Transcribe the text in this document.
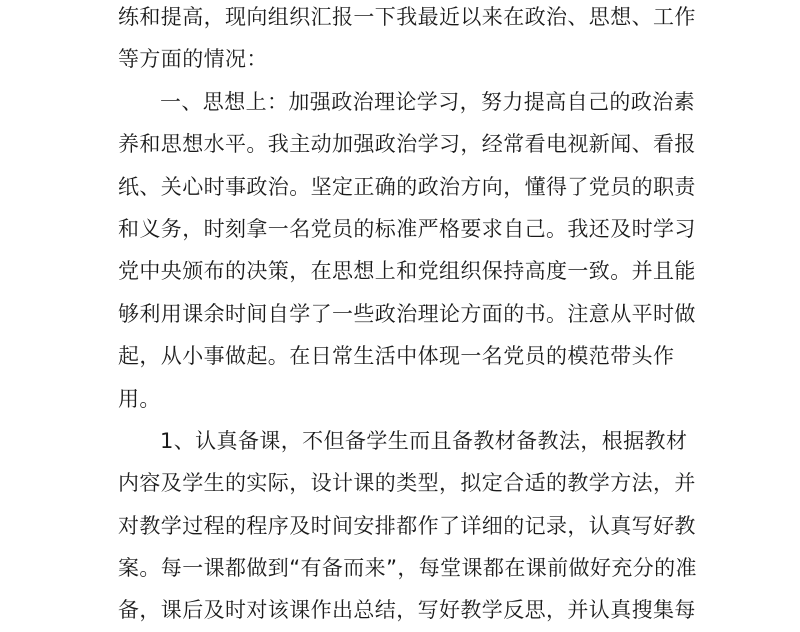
练和提高，现向组织汇报一下我最近以来在政治、思想、工作
等方面的情况：
一、思想上：加强政治理论学习，努力提高自己的政治素
养和思想水平。我主动加强政治学习，经常看电视新闻、看报
纸、关心时事政治。坚定正确的政治方向，懂得了党员的职责
和义务，时刻拿一名党员的标准严格要求自己。我还及时学习
党中央颁布的决策，在思想上和党组织保持高度一致。并且能
够利用课余时间自学了一些政治理论方面的书。注意从平时做
起，从小事做起。在日常生活中体现一名党员的模范带头作
用。
1、认真备课，不但备学生而且备教材备教法，根据教材
内容及学生的实际，设计课的类型，拟定合适的教学方法，并
对教学过程的程序及时间安排都作了详细的记录，认真写好教
案。每一课都做到“有备而来”，每堂课都在课前做好充分的准
备，课后及时对该课作出总结，写好教学反思，并认真搜集每
